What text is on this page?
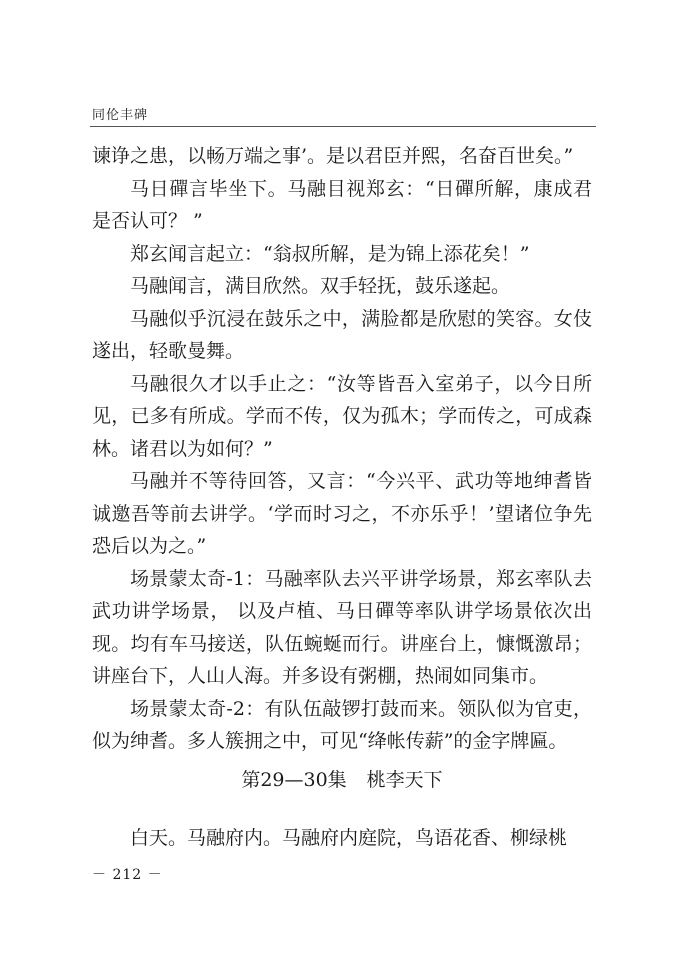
同伦丰碑

谏诤之患，以畅万端之事’。是以君臣并熙，名奋百世矣。”

马日磾言毕坐下。马融目视郑玄：“日磾所解，康成君是否认可？ ”

郑玄闻言起立：“翁叔所解，是为锦上添花矣！”

马融闻言，满目欣然。双手轻抚，鼓乐遂起。

马融似乎沉浸在鼓乐之中，满脸都是欣慰的笑容。女伎遂出，轻歌曼舞。

马融很久才以手止之：“汝等皆吾入室弟子，以今日所见，已多有所成。学而不传，仅为孤木；学而传之，可成森林。诸君以为如何？”

马融并不等待回答，又言：“今兴平、武功等地绅耆皆诚邀吾等前去讲学。‘学而时习之，不亦乐乎！’望诸位争先恐后以为之。”

场景蒙太奇-1：马融率队去兴平讲学场景，郑玄率队去武功讲学场景， 以及卢植、马日磾等率队讲学场景依次出现。均有车马接送，队伍蜿蜒而行。讲座台上，慷慨激昂；讲座台下，人山人海。并多设有粥棚，热闹如同集市。

场景蒙太奇-2：有队伍敲锣打鼓而来。领队似为官吏，似为绅耆。多人簇拥之中，可见“绛帐传薪”的金字牌匾。

第29—30集 桃李天下

白天。马融府内。马融府内庭院，鸟语花香、柳绿桃

－ 212 －
